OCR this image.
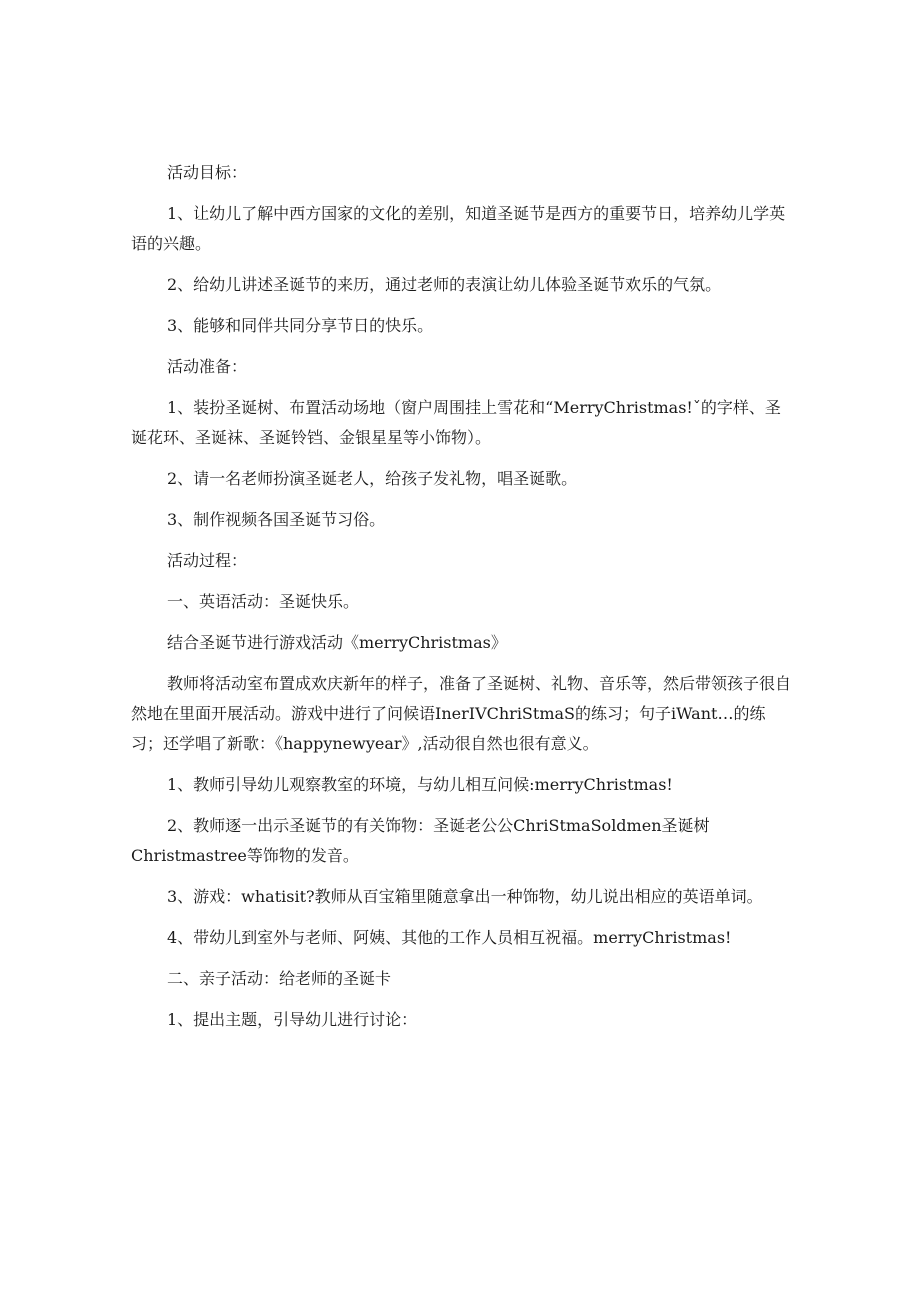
活动目标：

1、让幼儿了解中西方国家的文化的差别，知道圣诞节是西方的重要节日，培养幼儿学英语的兴趣。

2、给幼儿讲述圣诞节的来历，通过老师的表演让幼儿体验圣诞节欢乐的气氛。

3、能够和同伴共同分享节日的快乐。

活动准备：

1、装扮圣诞树、布置活动场地（窗户周围挂上雪花和“MerryChristmas!ˇ的字样、圣诞花环、圣诞袜、圣诞铃铛、金银星星等小饰物）。

2、请一名老师扮演圣诞老人，给孩子发礼物，唱圣诞歌。

3、制作视频各国圣诞节习俗。

活动过程：

一、英语活动：圣诞快乐。

结合圣诞节进行游戏活动《merryChristmas》

教师将活动室布置成欢庆新年的样子，准备了圣诞树、礼物、音乐等，然后带领孩子很自然地在里面开展活动。游戏中进行了问候语InerIVChriStmaS的练习；句子iWant…的练习；还学唱了新歌：《happynewyear》,活动很自然也很有意义。

1、教师引导幼儿观察教室的环境，与幼儿相互问候:merryChristmas!

2、教师逐一出示圣诞节的有关饰物：圣诞老公公ChriStmaSoldmen圣诞树Christmastree等饰物的发音。

3、游戏：whatisit?教师从百宝箱里随意拿出一种饰物，幼儿说出相应的英语单词。

4、带幼儿到室外与老师、阿姨、其他的工作人员相互祝福。merryChristmas!

二、亲子活动：给老师的圣诞卡

1、提出主题，引导幼儿进行讨论：
